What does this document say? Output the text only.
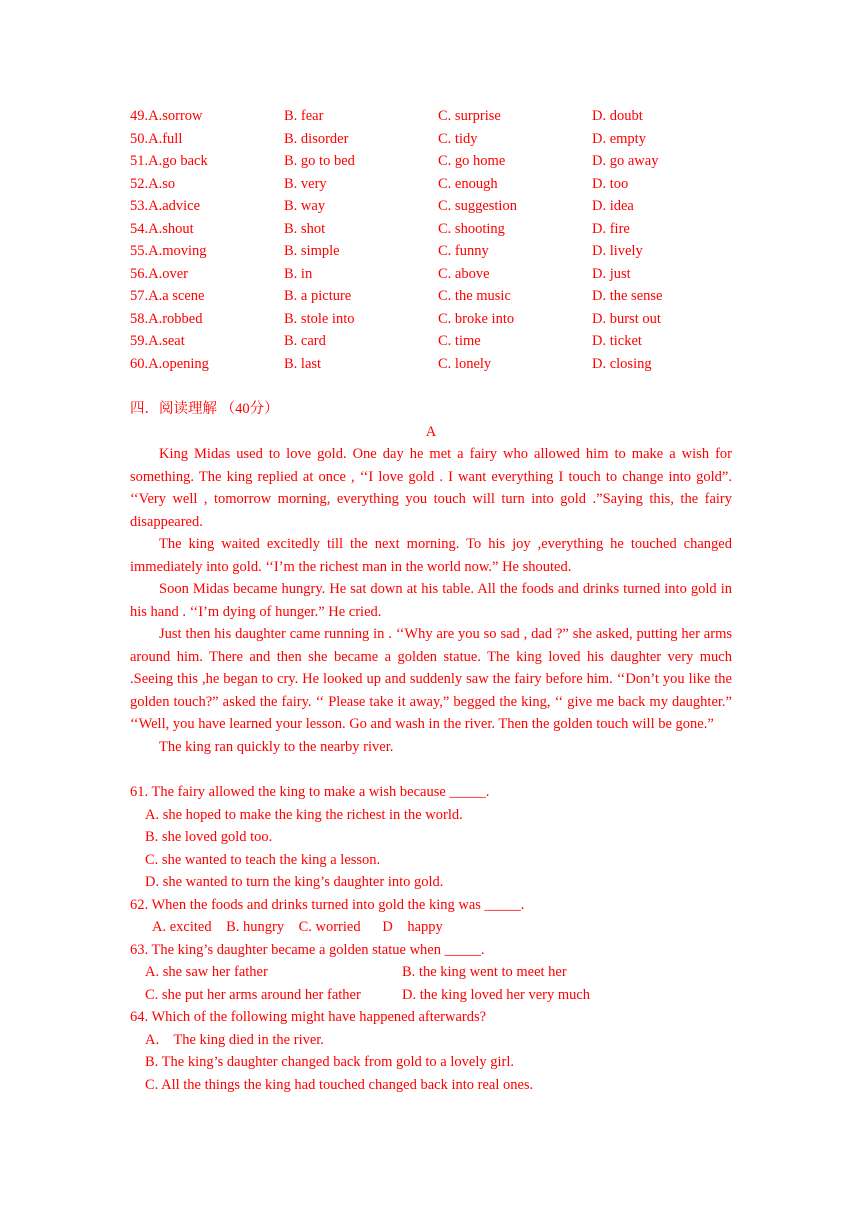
49.A.sorrow	B. fear	C. surprise	D. doubt
50.A.full	B. disorder	C. tidy	D. empty
51.A.go back	B. go to bed	C. go home	D. go away
52.A.so	B. very	C. enough	D. too
53.A.advice	B. way	C. suggestion	D. idea
54.A.shout	B. shot	C. shooting	D. fire
55.A.moving	B. simple	C. funny	D. lively
56.A.over	B. in	C. above	D. just
57.A.a scene	B. a picture	C. the music	D. the sense
58.A.robbed	B. stole into	C. broke into	D. burst out
59.A.seat	B. card	C. time	D. ticket
60.A.opening	B. last	C. lonely	D. closing
四．阅读理解 （40分）
A

King Midas used to love gold. One day he met a fairy who allowed him to make a wish for something. The king replied at once , ‘‘I love gold . I want everything I touch to change into gold”. ‘‘Very well , tomorrow morning, everything you touch will turn into gold .”Saying this, the fairy disappeared.

The king waited excitedly till the next morning. To his joy ,everything he touched changed immediately into gold. ‘‘I’m the richest man in the world now.” He shouted.

Soon Midas became hungry. He sat down at his table. All the foods and drinks turned into gold in his hand . ‘‘I’m dying of hunger.” He cried.

Just then his daughter came running in . ‘‘Why are you so sad , dad ?” she asked, putting her arms around him. There and then she became a golden statue. The king loved his daughter very much .Seeing this ,he began to cry. He looked up and suddenly saw the fairy before him. ‘‘Don’t you like the golden touch?” asked the fairy. ‘‘ Please take it away,” begged the king, ‘‘ give me back my daughter.” ‘‘Well, you have learned your lesson. Go and wash in the river. Then the golden touch will be gone.”

The king ran quickly to the nearby river.

61. The fairy allowed the king to make a wish because _____.

A. she hoped to make the king the richest in the world.

B. she loved gold too.

C. she wanted to teach the king a lesson.

D. she wanted to turn the king’s daughter into gold.

62. When the foods and drinks turned into gold the king was _____.

A. excited    B. hungry    C. worried      D    happy

63. The king’s daughter became a golden statue when _____.

A. she saw her father	B. the king went to meet her
C. she put her arms around her father	D. the king loved her very much

64. Which of the following might have happened afterwards?

A.    The king died in the river.

B. The king’s daughter changed back from gold to a lovely girl.

C. All the things the king had touched changed back into real ones.
